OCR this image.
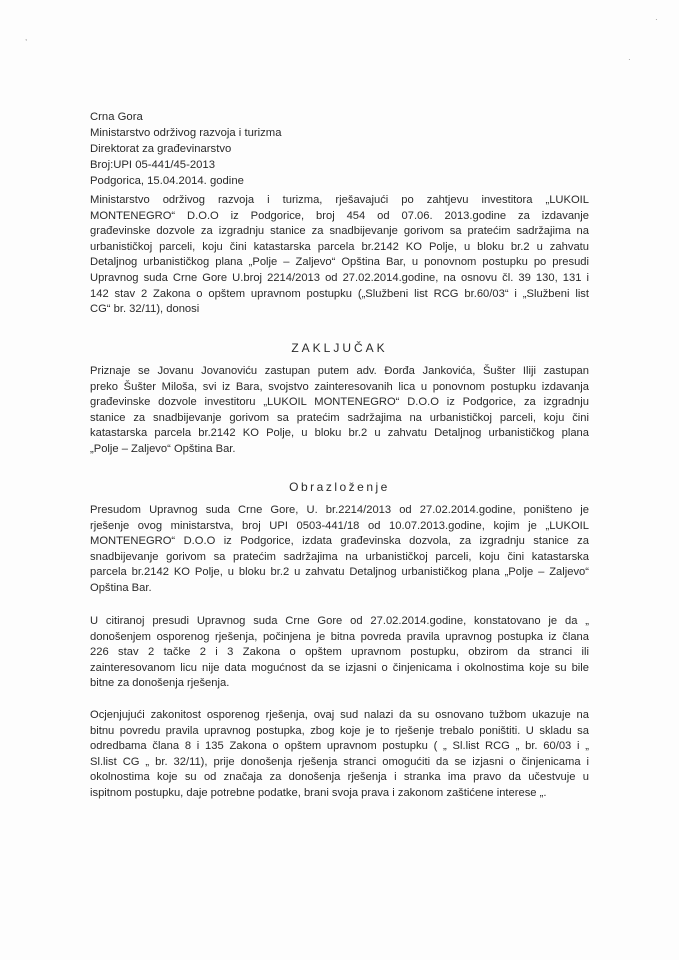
,
·
·
Crna Gora
Ministarstvo održivog razvoja i turizma
Direktorat za građevinarstvo
Broj:UPI 05-441/45-2013
Podgorica, 15.04.2014. godine
Ministarstvo održivog razvoja i turizma, rješavajući po zahtjevu investitora „LUKOIL
MONTENEGRO“ D.O.O iz Podgorice, broj 454 od 07.06. 2013.godine za izdavanje
građevinske dozvole za izgradnju stanice za snadbijevanje gorivom sa pratećim sadržajima na
urbanističkoj parceli, koju čini katastarska parcela br.2142 KO Polje, u bloku br.2 u zahvatu
Detaljnog urbanističkog plana „Polje – Zaljevo“ Opština Bar, u ponovnom postupku po presudi
Upravnog suda Crne Gore U.broj 2214/2013 od 27.02.2014.godine, na osnovu čl. 39 130, 131 i
142 stav 2 Zakona o opštem upravnom postupku („Službeni list RCG br.60/03“ i „Službeni list
CG“ br. 32/11), donosi
ZAKLJUČAK
Priznaje se Jovanu Jovanoviću zastupan putem adv. Đorđa Jankovića, Šušter Iliji zastupan
preko Šušter Miloša, svi iz Bara, svojstvo zainteresovanih lica u ponovnom postupku izdavanja
građevinske dozvole investitoru „LUKOIL MONTENEGRO“ D.O.O iz Podgorice, za izgradnju
stanice za snadbijevanje gorivom sa pratećim sadržajima na urbanističkoj parceli, koju čini
katastarska parcela br.2142 KO Polje, u bloku br.2 u zahvatu Detaljnog urbanističkog plana
„Polje – Zaljevo“ Opština Bar.
Obrazloženje
Presudom Upravnog suda Crne Gore, U. br.2214/2013 od 27.02.2014.godine, poništeno je
rješenje ovog ministarstva, broj UPI 0503-441/18 od 10.07.2013.godine, kojim je „LUKOIL
MONTENEGRO“ D.O.O iz Podgorice, izdata građevinska dozvola, za izgradnju stanice za
snadbijevanje gorivom sa pratećim sadržajima na urbanističkoj parceli, koju čini katastarska
parcela br.2142 KO Polje, u bloku br.2 u zahvatu Detaljnog urbanističkog plana „Polje – Zaljevo“
Opština Bar.
U citiranoj presudi Upravnog suda Crne Gore od 27.02.2014.godine, konstatovano je da „
donošenjem osporenog rješenja, počinjena je bitna povreda pravila upravnog postupka iz člana
226 stav 2 tačke 2 i 3 Zakona o opštem upravnom postupku, obzirom da stranci ili
zainteresovanom licu nije data mogućnost da se izjasni o činjenicama i okolnostima koje su bile
bitne za donošenja rješenja.
Ocjenjujući zakonitost osporenog rješenja, ovaj sud nalazi da su osnovano tužbom ukazuje na
bitnu povredu pravila upravnog postupka, zbog koje je to rješenje trebalo poništiti. U skladu sa
odredbama člana 8 i 135 Zakona o opštem upravnom postupku ( „ Sl.list RCG „ br. 60/03 i „
Sl.list CG „ br. 32/11), prije donošenja rješenja stranci omogućiti da se izjasni o činjenicama i
okolnostima koje su od značaja za donošenja rješenja i stranka ima pravo da učestvuje u
ispitnom postupku, daje potrebne podatke, brani svoja prava i zakonom zaštićene interese „.
